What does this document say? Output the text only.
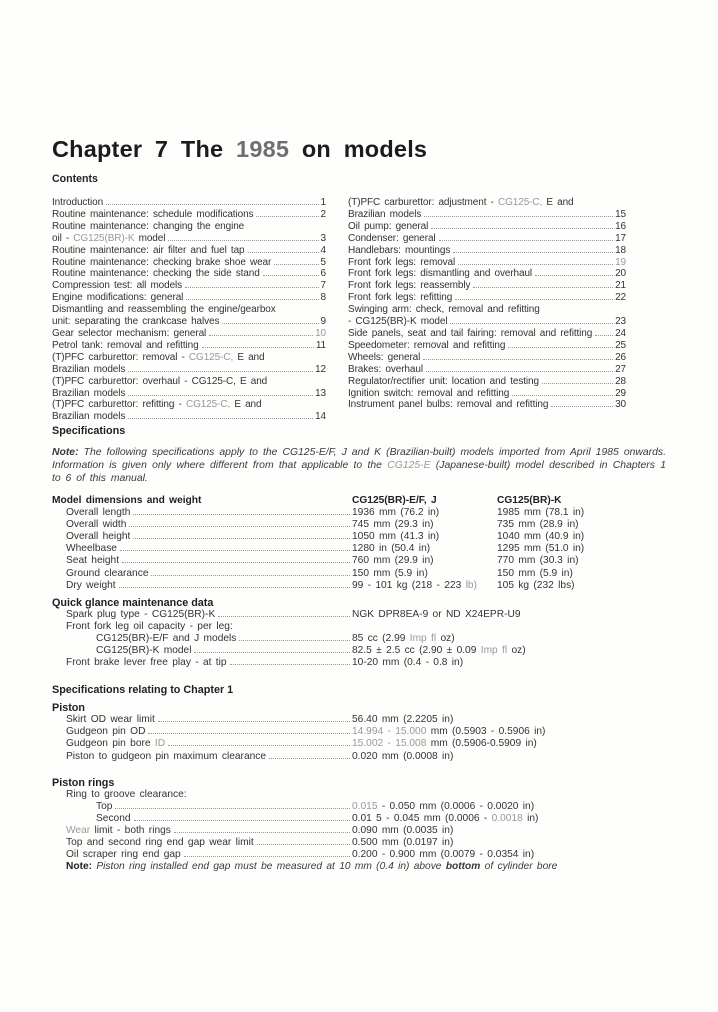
Chapter 7 The 1985 on models
Contents
Introduction	1
Routine maintenance: schedule modifications	2
Routine maintenance: changing the engine
oil - CG125(BR)-K model	3
Routine maintenance: air filter and fuel tap	4
Routine maintenance: checking brake shoe wear	5
Routine maintenance: checking the side stand	6
Compression test: all models	7
Engine modifications: general	8
Dismantling and reassembling the engine/gearbox
unit: separating the crankcase halves	9
Gear selector mechanism: general	10
Petrol tank: removal and refitting	11
(T)PFC carburettor: removal - CG125-C, E and
Brazilian models	12
(T)PFC carburettor: overhaul - CG125-C, E and
Brazilian models	13
(T)PFC carburettor: refitting - CG125-C, E and
Brazilian models	14
(T)PFC carburettor: adjustment - CG125-C, E and
Brazilian models	15
Oil pump: general	16
Condenser: general	17
Handlebars: mountings	18
Front fork legs: removal	19
Front fork legs: dismantling and overhaul	20
Front fork legs: reassembly	21
Front fork legs: refitting	22
Swinging arm: check, removal and refitting
- CG125(BR)-K model	23
Side panels, seat and tail fairing: removal and refitting 24
Speedometer: removal and refitting	25
Wheels: general	26
Brakes: overhaul	27
Regulator/rectifier unit: location and testing	28
Ignition switch: removal and refitting	29
Instrument panel bulbs: removal and refitting	30
Specifications

Note: The following specifications apply to the CG125-E/F, J and K (Brazilian-built) models imported from April 1985 onwards. Information is given only where different from that applicable to the CG125-E (Japanese-built) model described in Chapters 1 to 6 of this manual.

Model dimensions and weight	CG125(BR)-E/F, J	CG125(BR)-K
Overall length	1936 mm (76.2 in)	1985 mm (78.1 in)
Overall width	745 mm (29.3 in)	735 mm (28.9 in)
Overall height	1050 mm (41.3 in)	1040 mm (40.9 in)
Wheelbase	1280 in (50.4 in)	1295 mm (51.0 in)
Seat height	760 mm (29.9 in)	770 mm (30.3 in)
Ground clearance	150 mm (5.9 in)	150 mm (5.9 in)
Dry weight	99 - 101 kg (218 - 223 lb)	105 kg (232 lbs)
Quick glance maintenance data
Spark plug type - CG125(BR)-K	NGK DPR8EA-9 or ND X24EPR-U9
Front fork leg oil capacity - per leg:
CG125(BR)-E/F and J models	85 cc (2.99 Imp fl oz)
CG125(BR)-K model	82.5 ± 2.5 cc (2.90 ± 0.09 Imp fl oz)
Front brake lever free play - at tip	10-20 mm (0.4 - 0.8 in)
Specifications relating to Chapter 1
Piston
Skirt OD wear limit	56.40 mm (2.2205 in)
Gudgeon pin OD	14.994 - 15.000 mm (0.5903 - 0.5906 in)
Gudgeon pin bore ID	15.002 - 15.008 mm (0.5906-0.5909 in)
Piston to gudgeon pin maximum clearance	0.020 mm (0.0008 in)
Piston rings
Ring to groove clearance:
Top	0.015 - 0.050 mm (0.0006 - 0.0020 in)
Second	0.01 5 - 0.045 mm (0.0006 - 0.0018 in)
Wear limit - both rings	0.090 mm (0.0035 in)
Top and second ring end gap wear limit	0.500 mm (0.0197 in)
Oil scraper ring end gap	0.200 - 0.900 mm (0.0079 - 0.0354 in)

Note: Piston ring installed end gap must be measured at 10 mm (0.4 in) above bottom of cylinder bore
